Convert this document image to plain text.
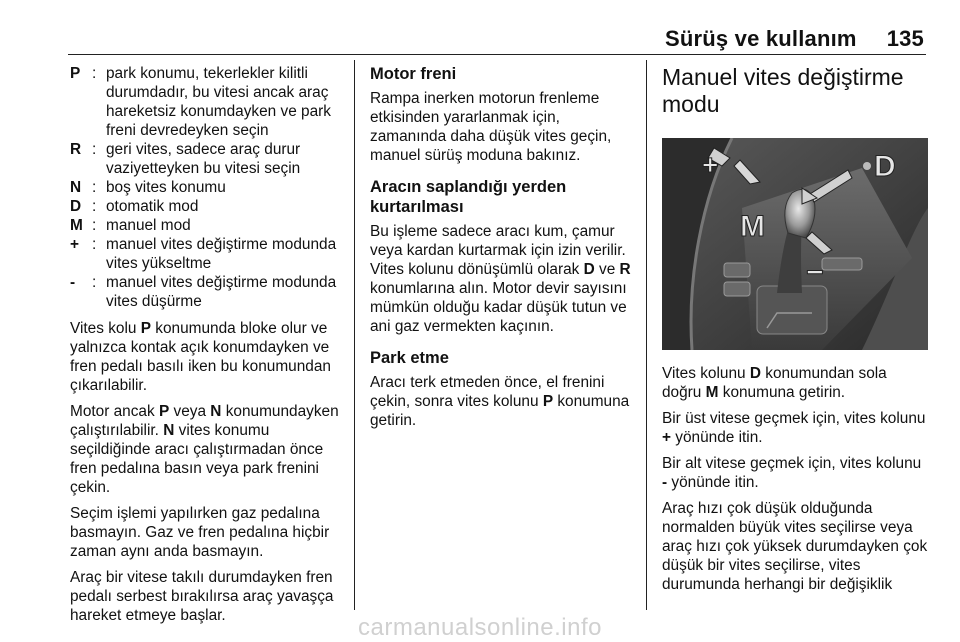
Sürüş ve kullanım 135
P : park konumu, tekerlekler kilitli durumdadır, bu vitesi ancak araç hareketsiz konumdayken ve park freni devredeyken seçin
R : geri vites, sadece araç durur vaziyetteyken bu vitesi seçin
N : boş vites konumu
D : otomatik mod
M : manuel mod
+ : manuel vites değiştirme modunda vites yükseltme
-	: manuel vites değiştirme modunda vites düşürme

Vites kolu P konumunda bloke olur ve yalnızca kontak açık konumdayken ve fren pedalı basılı iken bu konumundan çıkarılabilir.

Motor ancak P veya N konumundayken çalıştırılabilir. N vites konumu seçildiğinde aracı çalıştırmadan önce fren pedalına basın veya park frenini çekin.

Seçim işlemi yapılırken gaz pedalına basmayın. Gaz ve fren pedalına hiçbir zaman aynı anda basmayın.

Araç bir vitese takılı durumdayken fren pedalı serbest bırakılırsa araç yavaşça hareket etmeye başlar.

Motor freni

Rampa inerken motorun frenleme etkisinden yararlanmak için, zamanında daha düşük vites geçin, manuel sürüş moduna bakınız.

Aracın saplandığı yerden kurtarılması

Bu işleme sadece aracı kum, çamur veya kardan kurtarmak için izin verilir. Vites kolunu dönüşümlü olarak D ve R konumlarına alın. Motor devir sayısını mümkün olduğu kadar düşük tutun ve ani gaz vermekten kaçının.

Park etme

Aracı terk etmeden önce, el frenini çekin, sonra vites kolunu P konumuna getirin.

Manuel vites değiştirme modu
+	D
M
−

Vites kolunu D konumundan sola doğru M konumuna getirin.

Bir üst vitese geçmek için, vites kolunu + yönünde itin.

Bir alt vitese geçmek için, vites kolunu - yönünde itin.

Araç hızı çok düşük olduğunda normalden büyük vites seçilirse veya araç hızı çok yüksek durumdayken çok düşük bir vites seçilirse, vites durumunda herhangi bir değişiklik

carmanualsonline.info
